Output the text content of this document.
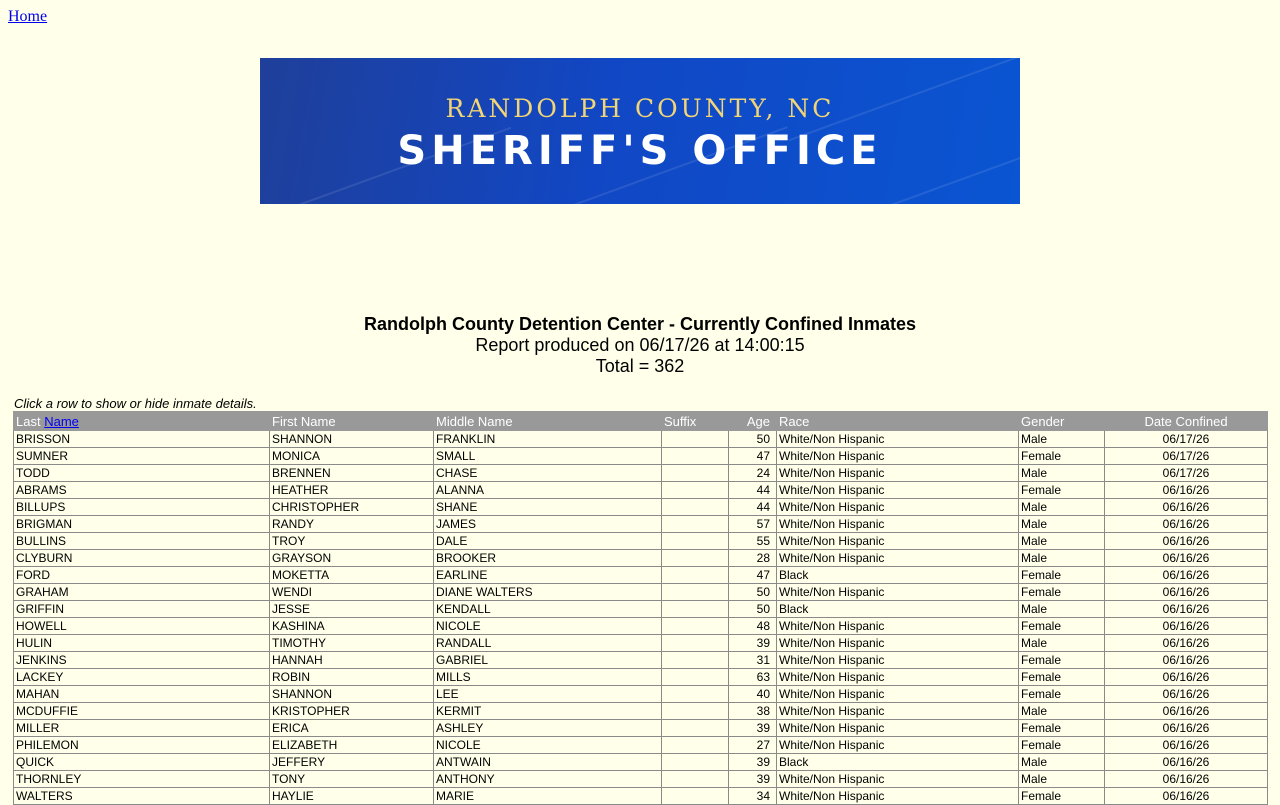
Home
RANDOLPH COUNTY, NC
SHERIFF'S OFFICE
Randolph County Detention Center - Currently Confined Inmates
Report produced on 06/17/26 at 14:00:15
Total = 362
Click a row to show or hide inmate details.
Last Name	First Name	Middle Name	Suffix	Age	Race	Gender	Date Confined
BRISSON	SHANNON	FRANKLIN		50	White/Non Hispanic	Male	06/17/26
SUMNER	MONICA	SMALL		47	White/Non Hispanic	Female	06/17/26
TODD	BRENNEN	CHASE		24	White/Non Hispanic	Male	06/17/26
ABRAMS	HEATHER	ALANNA		44	White/Non Hispanic	Female	06/16/26
BILLUPS	CHRISTOPHER	SHANE		44	White/Non Hispanic	Male	06/16/26
BRIGMAN	RANDY	JAMES		57	White/Non Hispanic	Male	06/16/26
BULLINS	TROY	DALE		55	White/Non Hispanic	Male	06/16/26
CLYBURN	GRAYSON	BROOKER		28	White/Non Hispanic	Male	06/16/26
FORD	MOKETTA	EARLINE		47	Black	Female	06/16/26
GRAHAM	WENDI	DIANE WALTERS		50	White/Non Hispanic	Female	06/16/26
GRIFFIN	JESSE	KENDALL		50	Black	Male	06/16/26
HOWELL	KASHINA	NICOLE		48	White/Non Hispanic	Female	06/16/26
HULIN	TIMOTHY	RANDALL		39	White/Non Hispanic	Male	06/16/26
JENKINS	HANNAH	GABRIEL		31	White/Non Hispanic	Female	06/16/26
LACKEY	ROBIN	MILLS		63	White/Non Hispanic	Female	06/16/26
MAHAN	SHANNON	LEE		40	White/Non Hispanic	Female	06/16/26
MCDUFFIE	KRISTOPHER	KERMIT		38	White/Non Hispanic	Male	06/16/26
MILLER	ERICA	ASHLEY		39	White/Non Hispanic	Female	06/16/26
PHILEMON	ELIZABETH	NICOLE		27	White/Non Hispanic	Female	06/16/26
QUICK	JEFFERY	ANTWAIN		39	Black	Male	06/16/26
THORNLEY	TONY	ANTHONY		39	White/Non Hispanic	Male	06/16/26
WALTERS	HAYLIE	MARIE		34	White/Non Hispanic	Female	06/16/26
